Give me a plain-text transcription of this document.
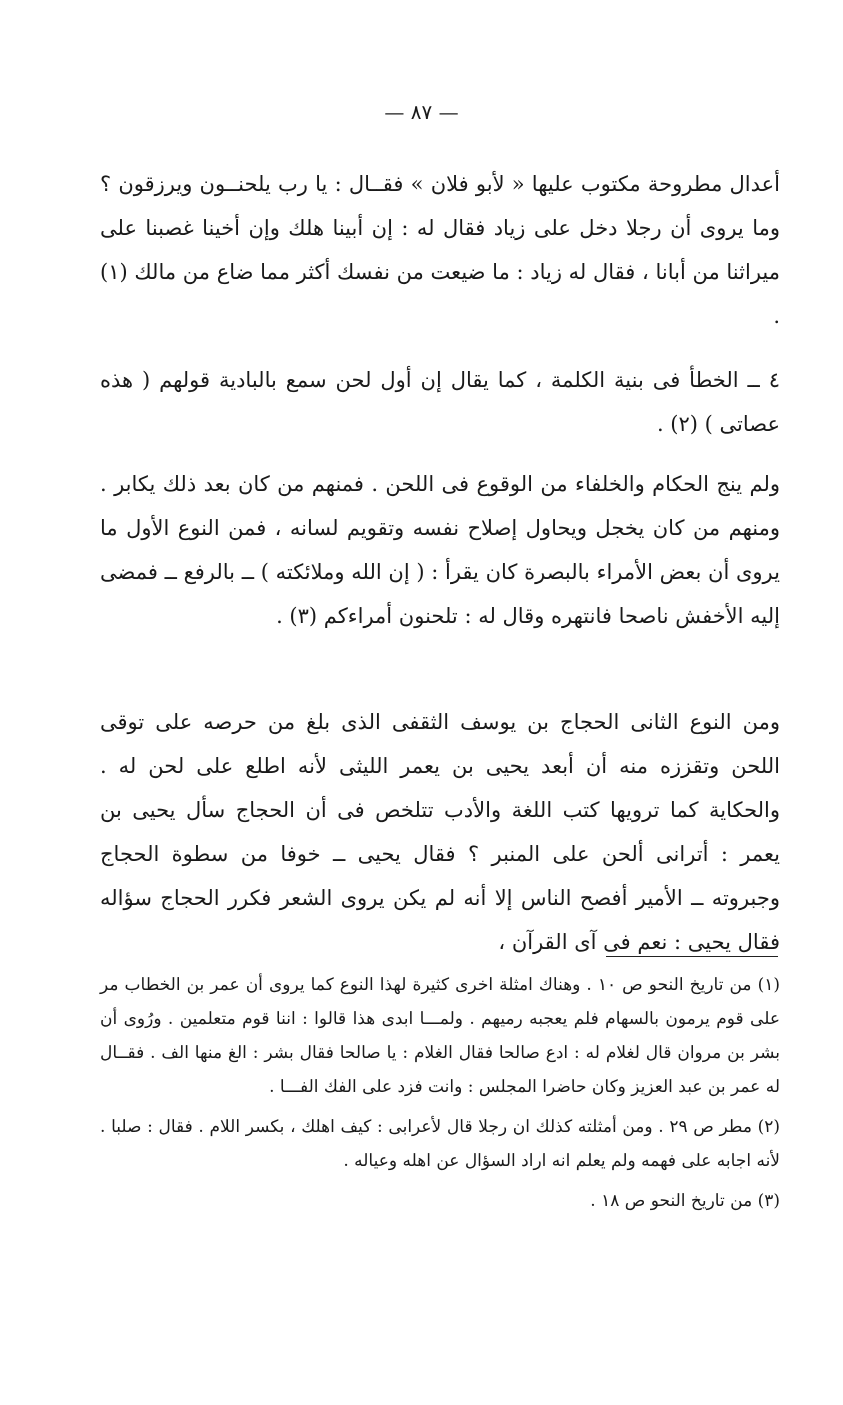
— ٨٧ —

أعدال مطروحة مكتوب عليها « لأبو فلان » فقــال : يا رب يلحنــون ويرزقون ؟ وما يروى أن رجلا دخل على زياد فقال له : إن أبينا هلك وإن أخينا غصبنا على ميراثنا من أبانا ، فقال له زياد : ما ضيعت من نفسك أكثر مما ضاع من مالك (١) .

٤ ــ الخطأ فى بنية الكلمة ، كما يقال إن أول لحن سمع بالبادية قولهم ( هذه عصاتى ) (٢) .

ولم ينج الحكام والخلفاء من الوقوع فى اللحن . فمنهم من كان بعد ذلك يكابر . ومنهم من كان يخجل ويحاول إصلاح نفسه وتقويم لسانه ، فمن النوع الأول ما يروى أن بعض الأمراء بالبصرة كان يقرأ : ( إن الله وملائكته ) ــ بالرفع ــ فمضى إليه الأخفش ناصحا فانتهره وقال له : تلحنون أمراءكم (٣) .

ومن النوع الثانى الحجاج بن يوسف الثقفى الذى بلغ من حرصه على توقى اللحن وتقززه منه أن أبعد يحيى بن يعمر الليثى لأنه اطلع على لحن له . والحكاية كما ترويها كتب اللغة والأدب تتلخص فى أن الحجاج سأل يحيى بن يعمر : أترانى ألحن على المنبر ؟ فقال يحيى ــ خوفا من سطوة الحجاج وجبروته ــ الأمير أفصح الناس إلا أنه لم يكن يروى الشعر فكرر الحجاج سؤاله فقال يحيى : نعم فى آى القرآن ،

(١) من تاريخ النحو ص ١٠ . وهناك امثلة اخرى كثيرة لهذا النوع كما يروى أن عمر بن الخطاب مر على قوم يرمون بالسهام فلم يعجبه رميهم . ولمـــا ابدى هذا قالوا : اننا قوم متعلمين . ورُوى أن بشر بن مروان قال لغلام له : ادع صالحا فقال الغلام : يا صالحا فقال بشر : الغ منها الف . فقــال له عمر بن عبد العزيز وكان حاضرا المجلس : وانت فزد على الفك الفـــا .

(٢) مطر ص ٢٩ . ومن أمثلته كذلك ان رجلا قال لأعرابى : كيف اهلك ، بكسر اللام . فقال : صلبا . لأنه اجابه على فهمه ولم يعلم انه اراد السؤال عن اهله وعياله .

(٣) من تاريخ النحو ص ١٨ .
